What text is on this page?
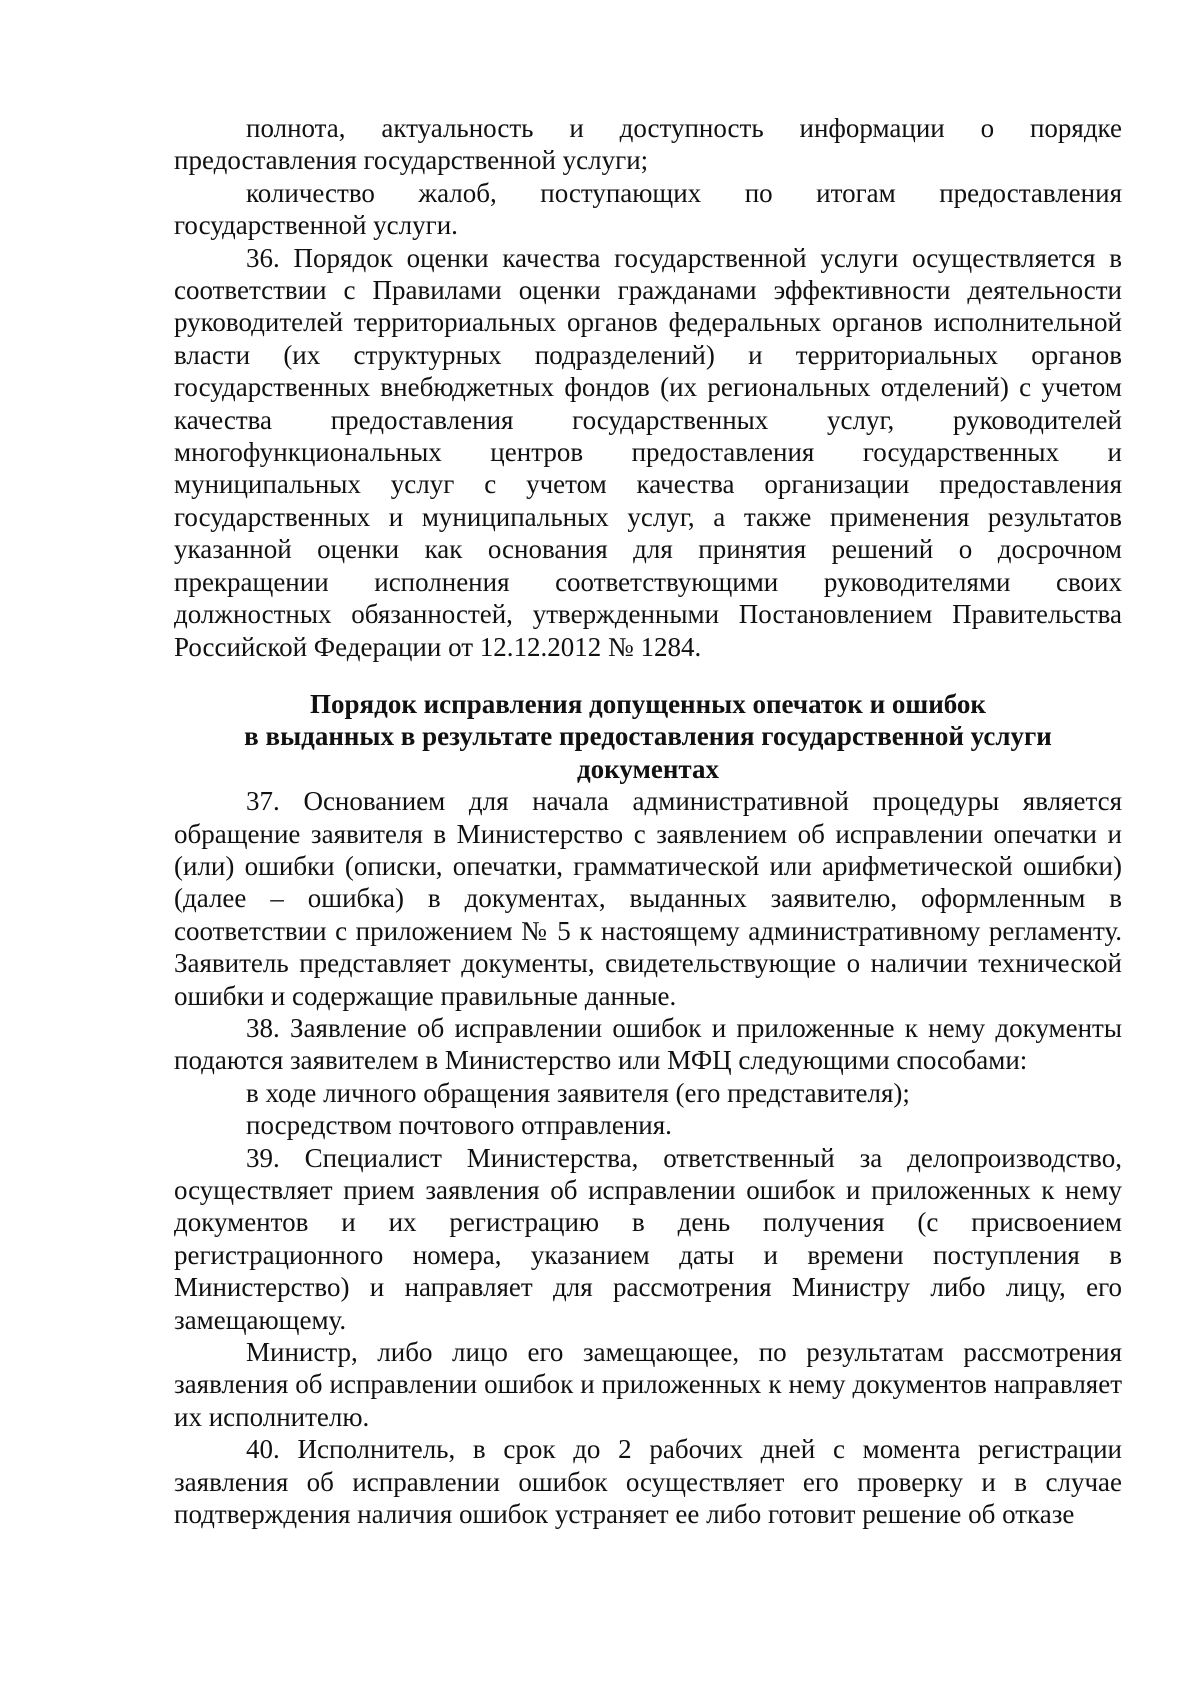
полнота, актуальность и доступность информации о порядке предоставления государственной услуги;

количество жалоб, поступающих по итогам предоставления государственной услуги.

36. Порядок оценки качества государственной услуги осуществляется в соответствии с Правилами оценки гражданами эффективности деятельности руководителей территориальных органов федеральных органов исполнительной власти (их структурных подразделений) и территориальных органов государственных внебюджетных фондов (их региональных отделений) с учетом качества предоставления государственных услуг, руководителей многофункциональных центров предоставления государственных и муниципальных услуг с учетом качества организации предоставления государственных и муниципальных услуг, а также применения результатов указанной оценки как основания для принятия решений о досрочном прекращении исполнения соответствующими руководителями своих должностных обязанностей, утвержденными Постановлением Правительства Российской Федерации от 12.12.2012 № 1284.

Порядок исправления допущенных опечаток и ошибок
в выданных в результате предоставления государственной услуги
документах

37. Основанием для начала административной процедуры является обращение заявителя в Министерство с заявлением об исправлении опечатки и (или) ошибки (описки, опечатки, грамматической или арифметической ошибки) (далее – ошибка) в документах, выданных заявителю, оформленным в соответствии с приложением № 5 к настоящему административному регламенту. Заявитель представляет документы, свидетельствующие о наличии технической ошибки и содержащие правильные данные.

38. Заявление об исправлении ошибок и приложенные к нему документы подаются заявителем в Министерство или МФЦ следующими способами:

в ходе личного обращения заявителя (его представителя);

посредством почтового отправления.

39. Специалист Министерства, ответственный за делопроизводство, осуществляет прием заявления об исправлении ошибок и приложенных к нему документов и их регистрацию в день получения (с присвоением регистрационного номера, указанием даты и времени поступления в Министерство) и направляет для рассмотрения Министру либо лицу, его замещающему.

Министр, либо лицо его замещающее, по результатам рассмотрения заявления об исправлении ошибок и приложенных к нему документов направляет их исполнителю.

40. Исполнитель, в срок до 2 рабочих дней с момента регистрации заявления об исправлении ошибок осуществляет его проверку и в случае подтверждения наличия ошибок устраняет ее либо готовит решение об отказе
